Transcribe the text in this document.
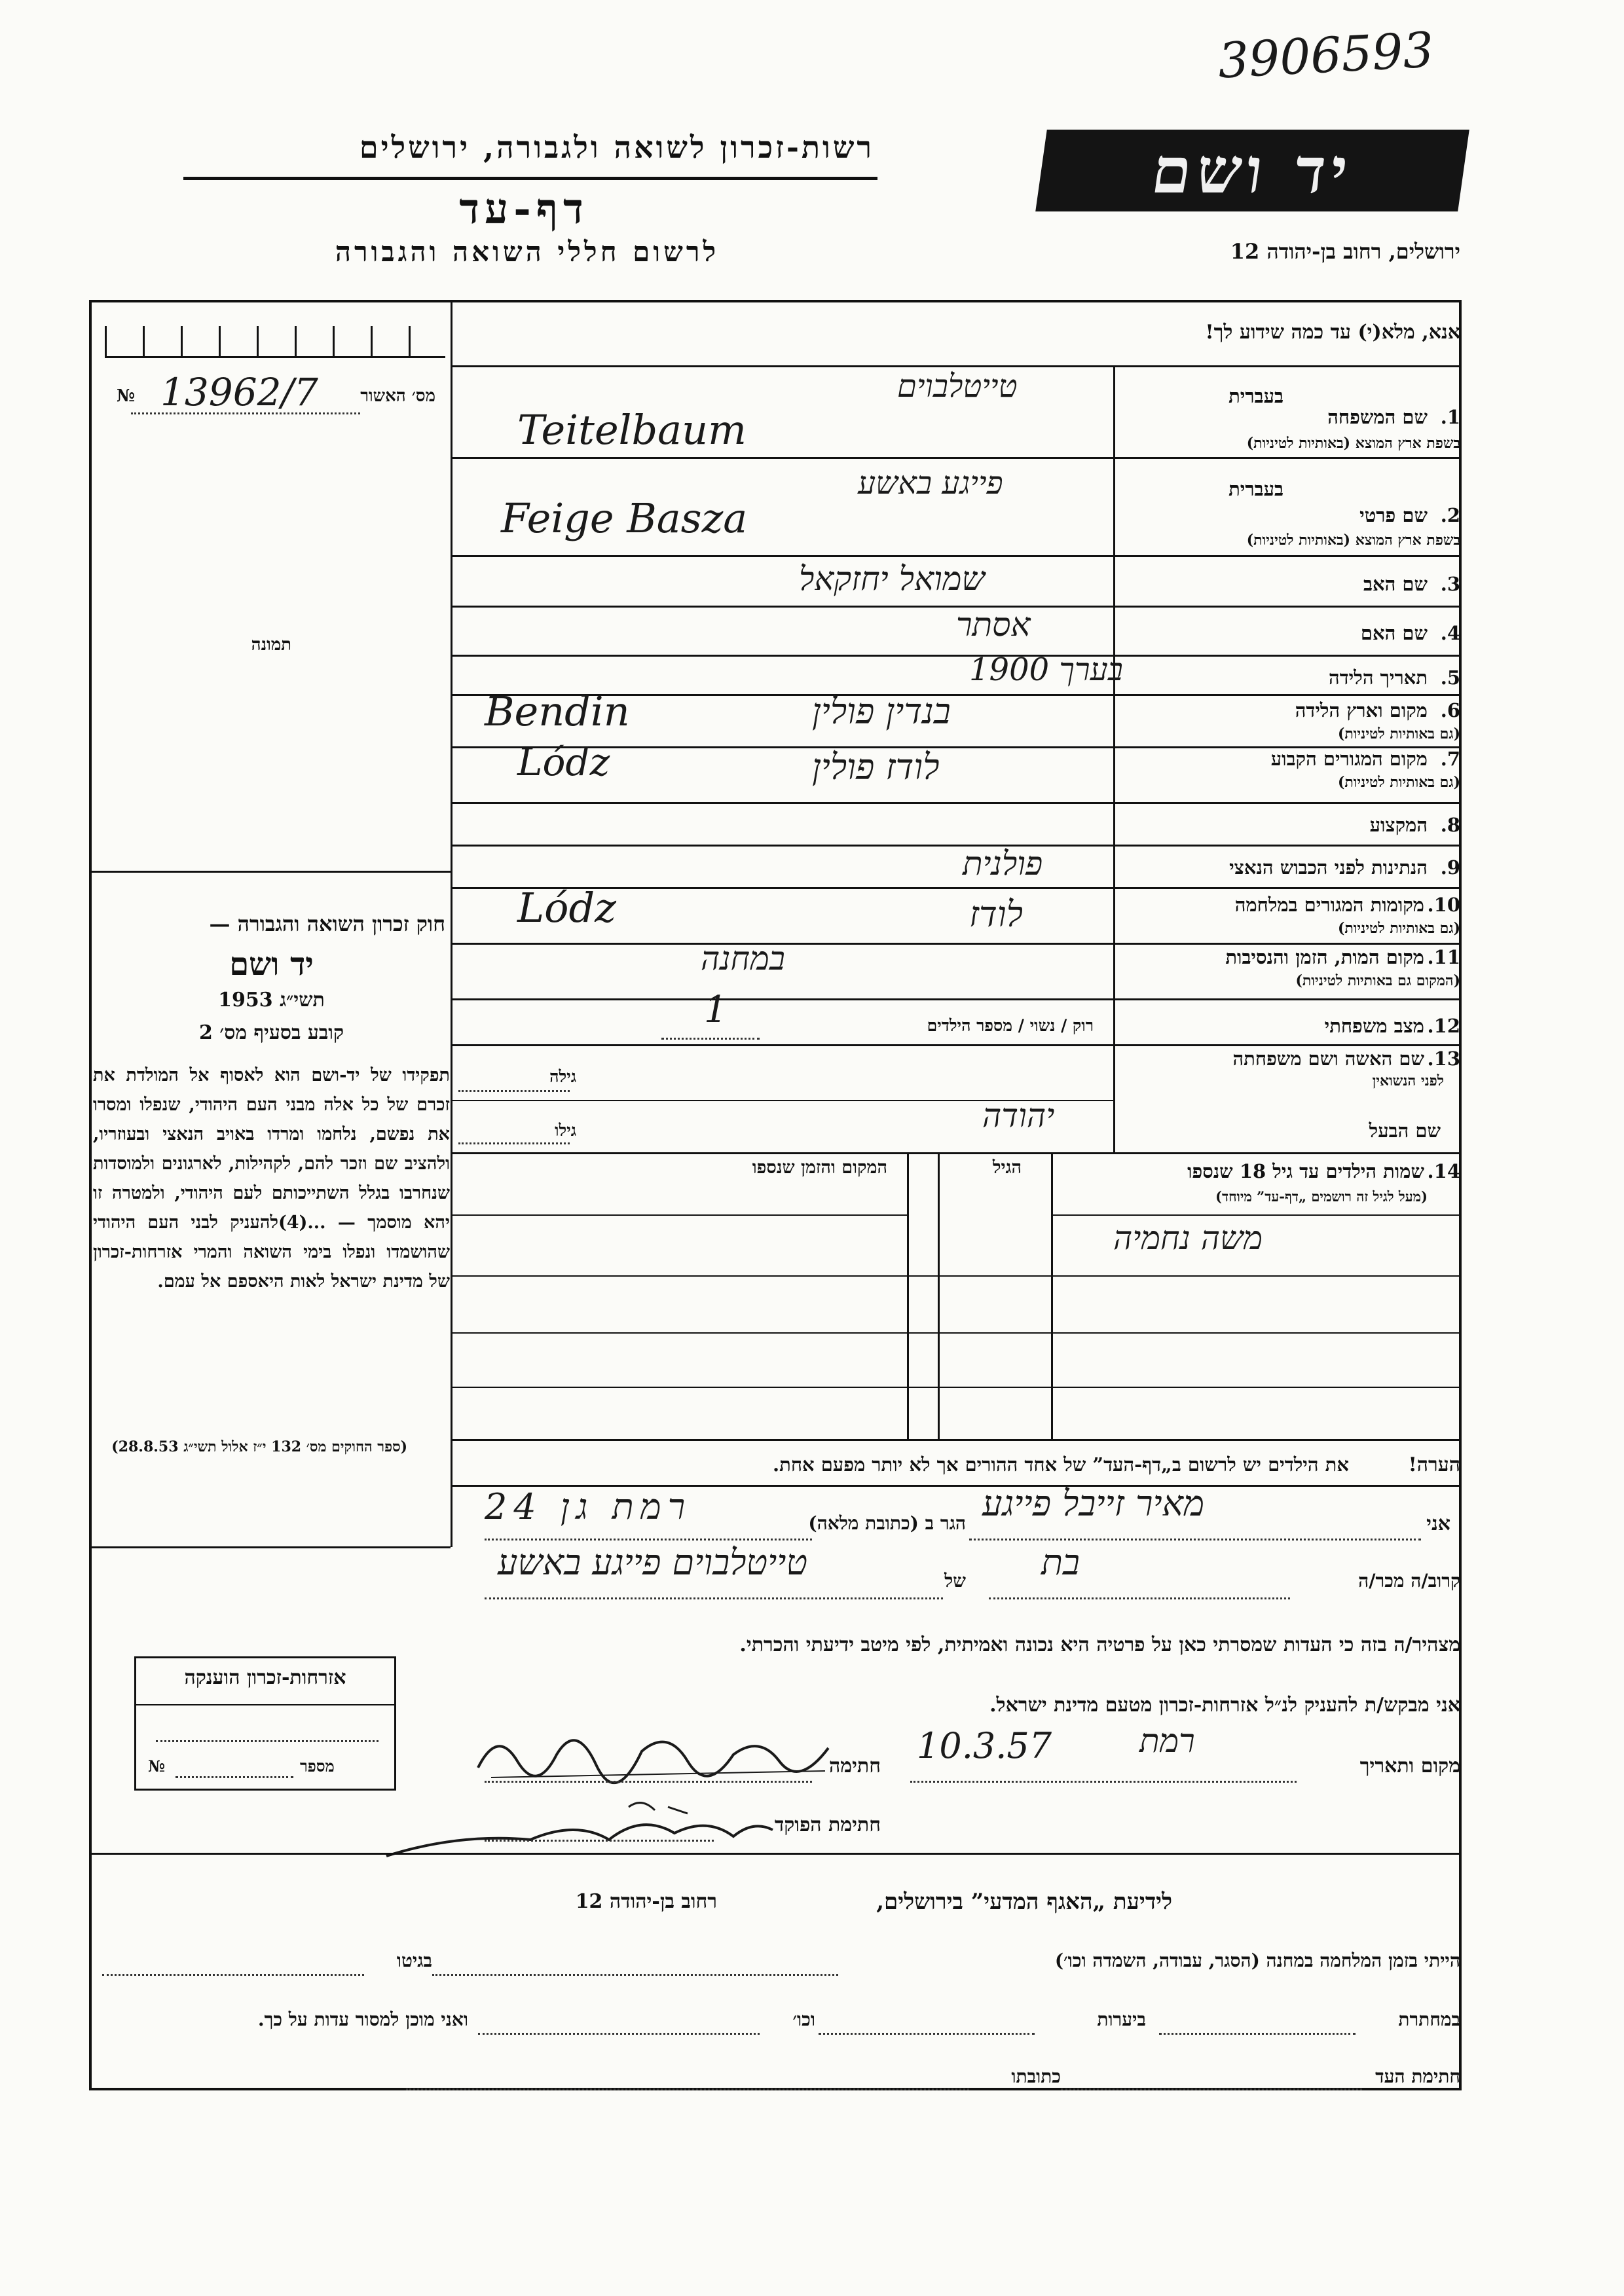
3906593
רשות-זכרון לשואה ולגבורה, ירושלים
דף-עד
לרשום חללי השואה והגבורה
יד ושם
ירושלים, רחוב בן-יהודה 12
אנא, מלא(י) עד כמה שידוע לך!
מס׳ האשור
13962/7
№
תמונה
1.
שם המשפחה
בשפת ארץ המוצא (באותיות לטיניות)
בעברית
טייטלבוים
Teitelbaum
בעברית
פייגע באשע
2.
שם פרטי
בשפת ארץ המוצא (באותיות לטיניות)
Feige Basza
3.
שם האב
שמואל יחזקאל
4.
שם האם
אסתר
5.
תאריך הלידה
בערך 1900
6.
מקום וארץ הלידה
(גם באותיות לטיניות)
בנדין פולין
Bendin
7.
מקום המגורים הקבוע
(גם באותיות לטיניות)
לודז פולין
Lódz
8.
המקצוע
9.
הנתינות לפני הכבוש הנאצי
פולנית
10.
מקומות המגורים במלחמה
(גם באותיות לטיניות)
לודז
Lódz
11.
מקום המות, הזמן והנסיבות
(המקום גם באותיות לטיניות)
במחנה
12.
מצב משפחתי
רוק / נשוי / מספר הילדים
1
13.
שם האשה ושם משפחתה
לפני הנשואין
גילה
שם הבעל
יהודה
גילו
14.
שמות הילדים עד גיל 18 שנספו
(מעל לגיל זה רושמים „דף-עד” מיוחד)
הגיל
המקום והזמן שנספו
משה נחמיה
הערה!
את הילדים יש לרשום ב„דף-העד” של אחד ההורים אך לא יותר מפעם אחת.
חוק זכרון השואה והגבורה —
יד ושם
תשי״ג 1953
קובע בסעיף מס׳ 2
תפקידו של יד-ושם הוא לאסוף אל המולדת את זכרם של כל אלה מבני העם היהודי, שנפלו ומסרו את נפשם, נלחמו ומרדו באויב הנאצי ובעוזריו, ולהציב שם וזכר להם, לקהילות, לארגונים ולמוסדות שנחרבו בגלל השתייכותם לעם היהודי, ולמטרה זו יהא מוסמך — ...(4)להעניק לבני העם היהודי שהושמדו ונפלו בימי השואה והמרי אזרחות-זכרון של מדינת ישראל לאות היאספם אל עמם.
(ספר החוקים מס׳ 132 י״ז אלול תשי״ג 28.8.53)
אני
מאיר זייבל פייגע
הגר ב (כתובת מלאה)
רמת גן 24
קרוב/ה מכר/ה
בת
של
טייטלבוים פייגע באשע
מצהיר/ה בזה כי העדות שמסרתי כאן על פרטיה היא נכונה ואמיתית, לפי מיטב ידיעתי והכרתי.
אני מבקש/ת להעניק לנ״ל אזרחות-זכרון מטעם מדינת ישראל.
מקום ותאריך
רמת
10.3.57
חתימה
חתימת הפוקד
אזרחות-זכרון הוענקה
מספר
№
לידיעת „האגף המדעי” בירושלים,
רחוב בן-יהודה 12
הייתי בזמן המלחמה במחנה (הסגר, עבודה, השמדה וכו׳)
בגיטו
במחתרת
ביערות
וכו׳
ואני מוכן למסור עדות על כך.
חתימת העד
כתובתו
